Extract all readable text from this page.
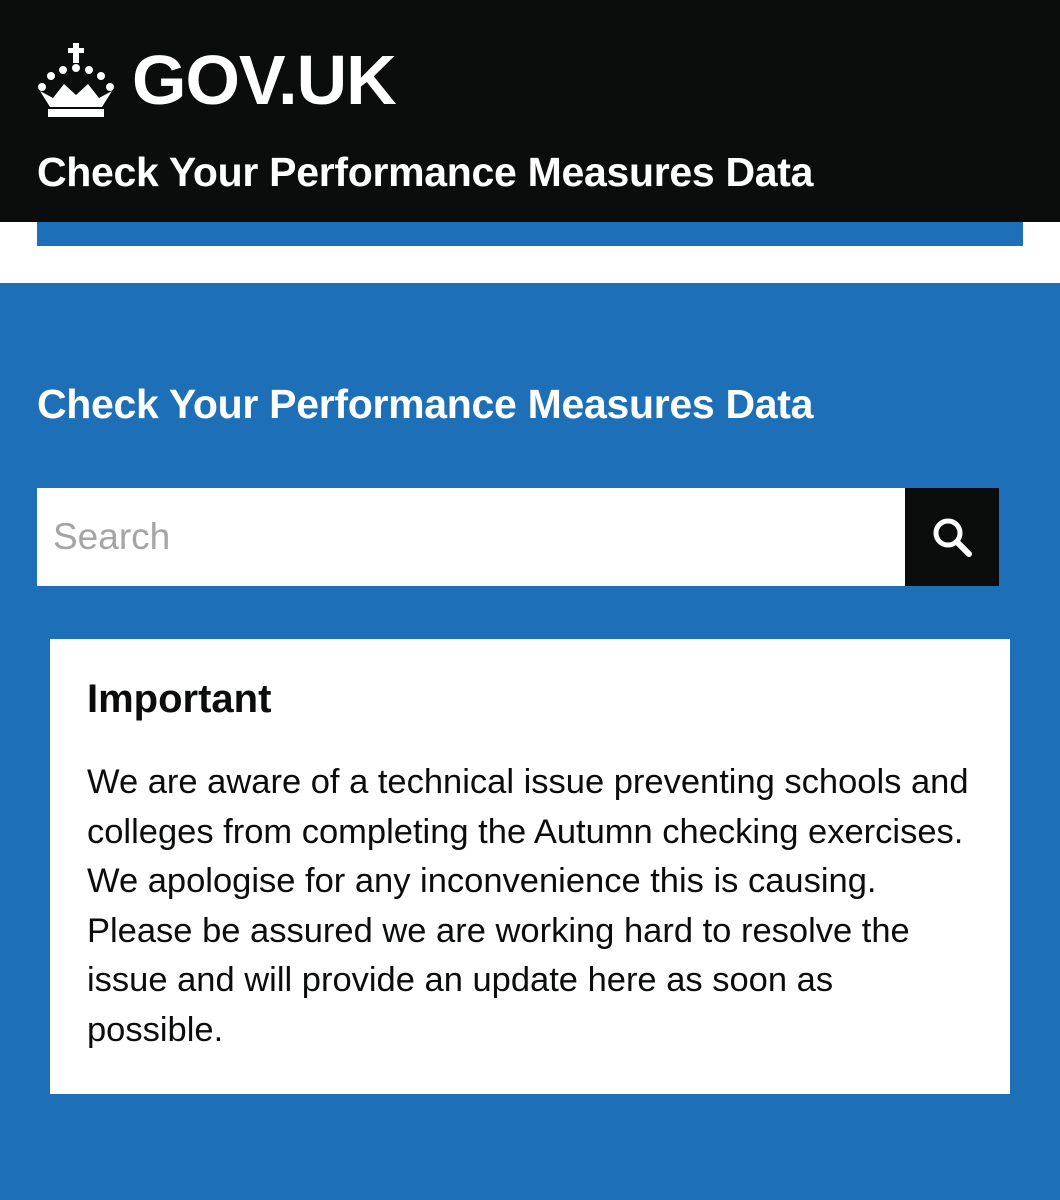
GOV.UK
Check Your Performance Measures Data
Check Your Performance Measures Data
Search
Important

We are aware of a technical issue preventing schools and colleges from completing the Autumn checking exercises. We apologise for any inconvenience this is causing. Please be assured we are working hard to resolve the issue and will provide an update here as soon as possible.
